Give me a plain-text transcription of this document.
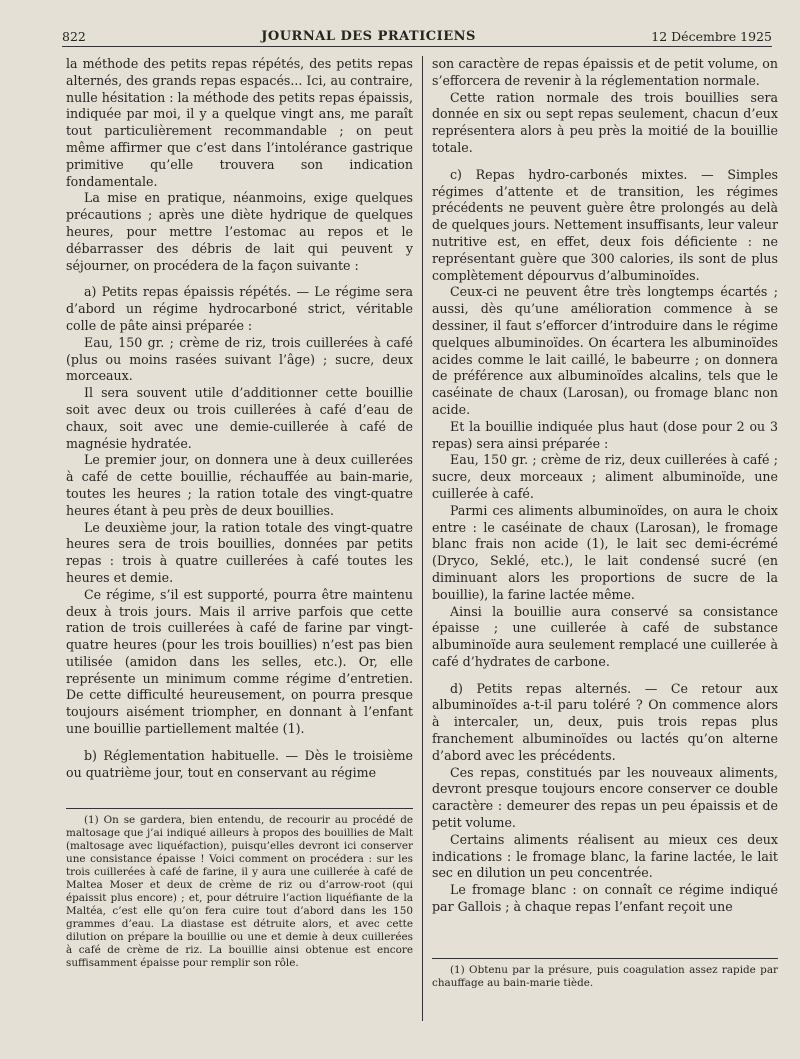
822	JOURNAL DES PRATICIENS	12 Décembre 1925

la méthode des petits repas répétés, des petits repas alternés, des grands repas espacés... Ici, au contraire, nulle hésitation : la méthode des petits repas épaissis, indiquée par moi, il y a quelque vingt ans, me paraît tout particulièrement recommandable ; on peut même affirmer que c’est dans l’intolérance gastrique primitive qu’elle trouvera son indication fondamentale.

La mise en pratique, néanmoins, exige quelques précautions ; après une diète hydrique de quelques heures, pour mettre l’estomac au repos et le débarrasser des débris de lait qui peuvent y séjourner, on procédera de la façon suivante :

a) Petits repas épaissis répétés. — Le régime sera d’abord un régime hydrocarboné strict, véritable colle de pâte ainsi préparée :

Eau, 150 gr. ; crème de riz, trois cuillerées à café (plus ou moins rasées suivant l’âge) ; sucre, deux morceaux.

Il sera souvent utile d’additionner cette bouillie soit avec deux ou trois cuillerées à café d’eau de chaux, soit avec une demie-cuillerée à café de magnésie hydratée.

Le premier jour, on donnera une à deux cuillerées à café de cette bouillie, réchauffée au bain-marie, toutes les heures ; la ration totale des vingt-quatre heures étant à peu près de deux bouillies.

Le deuxième jour, la ration totale des vingt-quatre heures sera de trois bouillies, données par petits repas : trois à quatre cuillerées à café toutes les heures et demie.

Ce régime, s’il est supporté, pourra être maintenu deux à trois jours. Mais il arrive parfois que cette ration de trois cuillerées à café de farine par vingt-quatre heures (pour les trois bouillies) n’est pas bien utilisée (amidon dans les selles, etc.). Or, elle représente un minimum comme régime d’entretien. De cette difficulté heureusement, on pourra presque toujours aisément triompher, en donnant à l’enfant une bouillie partiellement maltée (1).

b) Réglementation habituelle. — Dès le troisième ou quatrième jour, tout en conservant au régime

son caractère de repas épaissis et de petit volume, on s’efforcera de revenir à la réglementation normale.

Cette ration normale des trois bouillies sera donnée en six ou sept repas seulement, chacun d’eux représentera alors à peu près la moitié de la bouillie totale.

c) Repas hydro-carbonés mixtes. — Simples régimes d’attente et de transition, les régimes précédents ne peuvent guère être prolongés au delà de quelques jours. Nettement insuffisants, leur valeur nutritive est, en effet, deux fois déficiente : ne représentant guère que 300 calories, ils sont de plus complètement dépourvus d’albuminoïdes.

Ceux-ci ne peuvent être très longtemps écartés ; aussi, dès qu’une amélioration commence à se dessiner, il faut s’efforcer d’introduire dans le régime quelques albuminoïdes. On écartera les albuminoïdes acides comme le lait caillé, le babeurre ; on donnera de préférence aux albuminoïdes alcalins, tels que le caséinate de chaux (Larosan), ou fromage blanc non acide.

Et la bouillie indiquée plus haut (dose pour 2 ou 3 repas) sera ainsi préparée :

Eau, 150 gr. ; crème de riz, deux cuillerées à café ; sucre, deux morceaux ; aliment albuminoïde, une cuillerée à café.

Parmi ces aliments albuminoïdes, on aura le choix entre : le caséinate de chaux (Larosan), le fromage blanc frais non acide (1), le lait sec demi-écrémé (Dryco, Seklé, etc.), le lait condensé sucré (en diminuant alors les proportions de sucre de la bouillie), la farine lactée même.

Ainsi la bouillie aura conservé sa consistance épaisse ; une cuillerée à café de substance albuminoïde aura seulement remplacé une cuillerée à café d’hydrates de carbone.

d) Petits repas alternés. — Ce retour aux albuminoïdes a-t-il paru toléré ? On commence alors à intercaler, un, deux, puis trois repas plus franchement albuminoïdes ou lactés qu’on alterne d’abord avec les précédents.

Ces repas, constitués par les nouveaux aliments, devront presque toujours encore conserver ce double caractère : demeurer des repas un peu épaissis et de petit volume.

Certains aliments réalisent au mieux ces deux indications : le fromage blanc, la farine lactée, le lait sec en dilution un peu concentrée.

Le fromage blanc : on connaît ce régime indiqué par Gallois ; à chaque repas l’enfant reçoit une

(1) On se gardera, bien entendu, de recourir au procédé de maltosage que j’ai indiqué ailleurs à propos des bouillies de Malt (maltosage avec liquéfaction), puisqu’elles devront ici conserver une consistance épaisse ! Voici comment on procédera : sur les trois cuillerées à café de farine, il y aura une cuillerée à café de Maltea Moser et deux de crème de riz ou d’arrow-root (qui épaissit plus encore) ; et, pour détruire l’action liquéfiante de la Maltéa, c’est elle qu’on fera cuire tout d’abord dans les 150 grammes d’eau. La diastase est détruite alors, et avec cette dilution on prépare la bouillie ou une et demie à deux cuillerées à café de crème de riz. La bouillie ainsi obtenue est encore suffisamment épaisse pour remplir son rôle.

(1) Obtenu par la présure, puis coagulation assez rapide par chauffage au bain-marie tiède.
